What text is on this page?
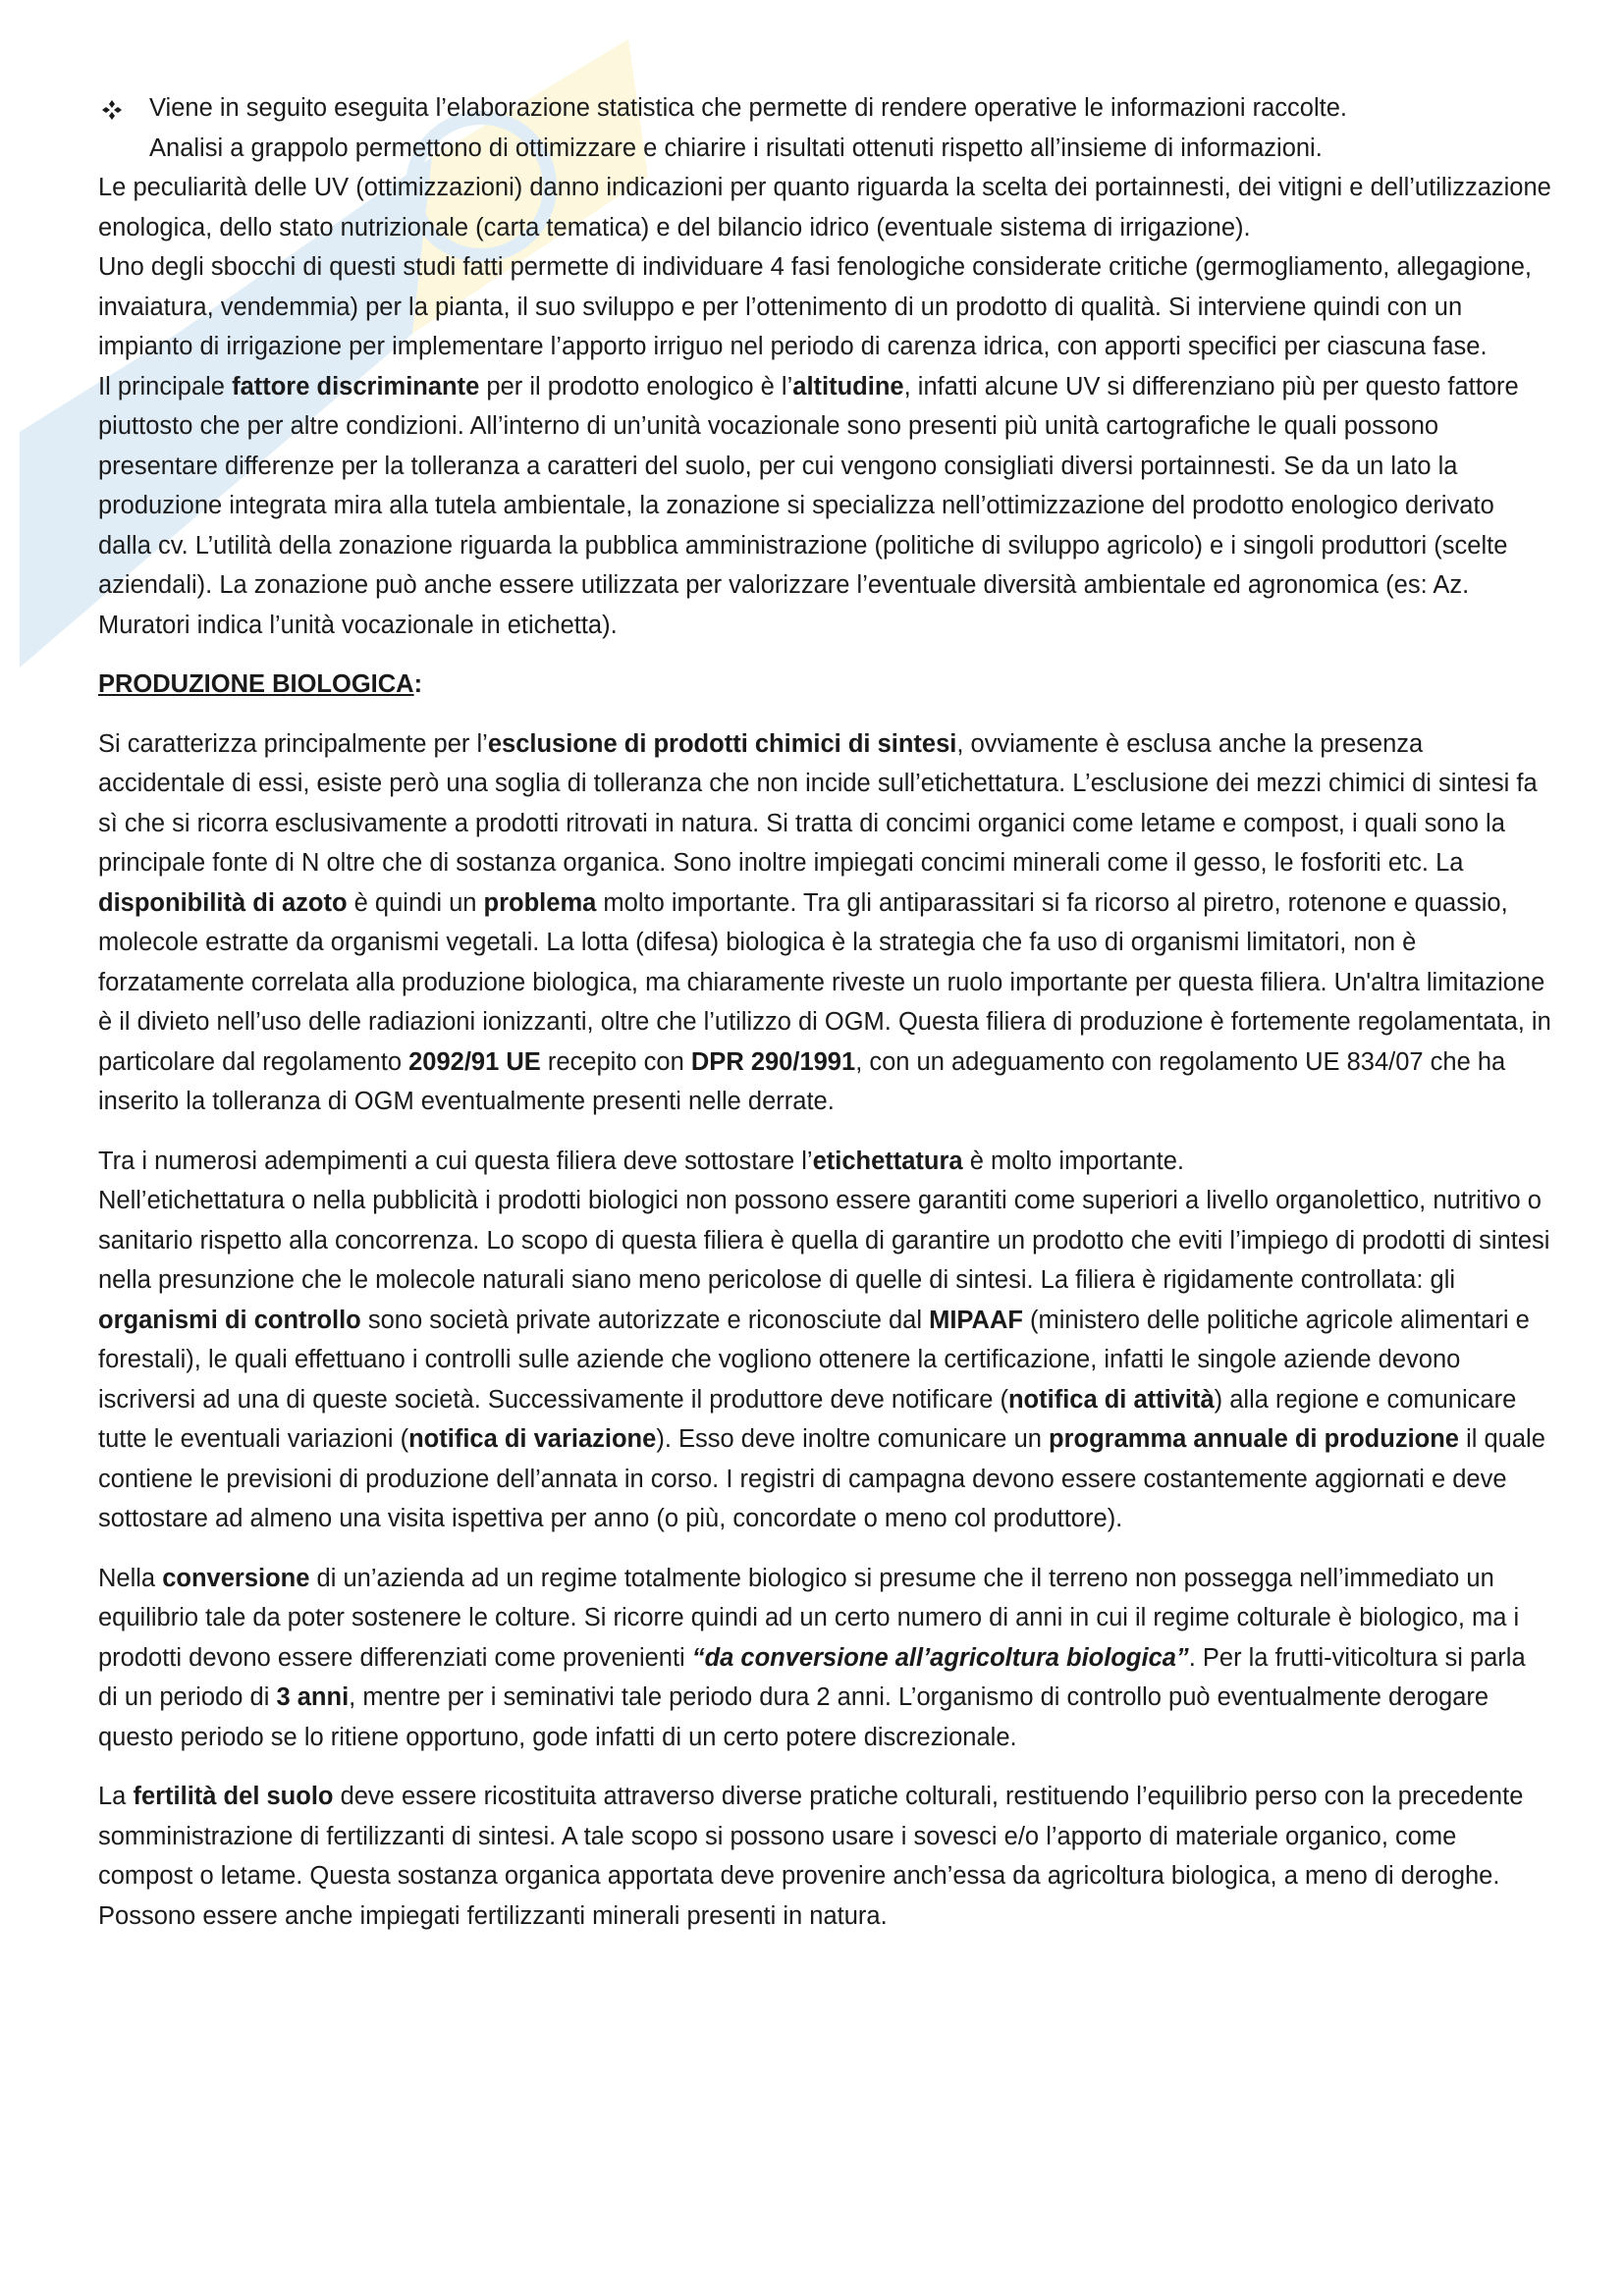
Viene in seguito eseguita l’elaborazione statistica che permette di rendere operative le informazioni raccolte.
Analisi a grappolo permettono di ottimizzare e chiarire i risultati ottenuti rispetto all’insieme di informazioni.

Le peculiarità delle UV (ottimizzazioni) danno indicazioni per quanto riguarda la scelta dei portainnesti, dei vitigni e dell’utilizzazione enologica, dello stato nutrizionale (carta tematica) e del bilancio idrico (eventuale sistema di irrigazione).

Uno degli sbocchi di questi studi fatti permette di individuare 4 fasi fenologiche considerate critiche (germogliamento, allegagione, invaiatura, vendemmia) per la pianta, il suo sviluppo e per l’ottenimento di un prodotto di qualità. Si interviene quindi con un impianto di irrigazione per implementare l’apporto irriguo nel periodo di carenza idrica, con apporti specifici per ciascuna fase.

Il principale fattore discriminante per il prodotto enologico è l’altitudine, infatti alcune UV si differenziano più per questo fattore piuttosto che per altre condizioni. All’interno di un’unità vocazionale sono presenti più unità cartografiche le quali possono presentare differenze per la tolleranza a caratteri del suolo, per cui vengono consigliati diversi portainnesti. Se da un lato la produzione integrata mira alla tutela ambientale, la zonazione si specializza nell’ottimizzazione del prodotto enologico derivato dalla cv. L’utilità della zonazione riguarda la pubblica amministrazione (politiche di sviluppo agricolo) e i singoli produttori (scelte aziendali). La zonazione può anche essere utilizzata per valorizzare l’eventuale diversità ambientale ed agronomica (es: Az. Muratori indica l’unità vocazionale in etichetta).

PRODUZIONE BIOLOGICA:

Si caratterizza principalmente per l’esclusione di prodotti chimici di sintesi, ovviamente è esclusa anche la presenza accidentale di essi, esiste però una soglia di tolleranza che non incide sull’etichettatura. L’esclusione dei mezzi chimici di sintesi fa sì che si ricorra esclusivamente a prodotti ritrovati in natura. Si tratta di concimi organici come letame e compost, i quali sono la principale fonte di N oltre che di sostanza organica. Sono inoltre impiegati concimi minerali come il gesso, le fosforiti etc. La disponibilità di azoto è quindi un problema molto importante. Tra gli antiparassitari si fa ricorso al piretro, rotenone e quassio, molecole estratte da organismi vegetali. La lotta (difesa) biologica è la strategia che fa uso di organismi limitatori, non è forzatamente correlata alla produzione biologica, ma chiaramente riveste un ruolo importante per questa filiera. Un'altra limitazione è il divieto nell’uso delle radiazioni ionizzanti, oltre che l’utilizzo di OGM. Questa filiera di produzione è fortemente regolamentata, in particolare dal regolamento 2092/91 UE recepito con DPR 290/1991, con un adeguamento con regolamento UE 834/07 che ha inserito la tolleranza di OGM eventualmente presenti nelle derrate.

Tra i numerosi adempimenti a cui questa filiera deve sottostare l’etichettatura è molto importante.

Nell’etichettatura o nella pubblicità i prodotti biologici non possono essere garantiti come superiori a livello organolettico, nutritivo o sanitario rispetto alla concorrenza. Lo scopo di questa filiera è quella di garantire un prodotto che eviti l’impiego di prodotti di sintesi nella presunzione che le molecole naturali siano meno pericolose di quelle di sintesi. La filiera è rigidamente controllata: gli organismi di controllo sono società private autorizzate e riconosciute dal MIPAAF (ministero delle politiche agricole alimentari e forestali), le quali effettuano i controlli sulle aziende che vogliono ottenere la certificazione, infatti le singole aziende devono iscriversi ad una di queste società. Successivamente il produttore deve notificare (notifica di attività) alla regione e comunicare tutte le eventuali variazioni (notifica di variazione). Esso deve inoltre comunicare un programma annuale di produzione il quale contiene le previsioni di produzione dell’annata in corso. I registri di campagna devono essere costantemente aggiornati e deve sottostare ad almeno una visita ispettiva per anno (o più, concordate o meno col produttore).

Nella conversione di un’azienda ad un regime totalmente biologico si presume che il terreno non possegga nell’immediato un equilibrio tale da poter sostenere le colture. Si ricorre quindi ad un certo numero di anni in cui il regime colturale è biologico, ma i prodotti devono essere differenziati come provenienti “da conversione all’agricoltura biologica”. Per la frutti-viticoltura si parla di un periodo di 3 anni, mentre per i seminativi tale periodo dura 2 anni. L’organismo di controllo può eventualmente derogare questo periodo se lo ritiene opportuno, gode infatti di un certo potere discrezionale.

La fertilità del suolo deve essere ricostituita attraverso diverse pratiche colturali, restituendo l’equilibrio perso con la precedente somministrazione di fertilizzanti di sintesi. A tale scopo si possono usare i sovesci e/o l’apporto di materiale organico, come compost o letame. Questa sostanza organica apportata deve provenire anch’essa da agricoltura biologica, a meno di deroghe. Possono essere anche impiegati fertilizzanti minerali presenti in natura.
